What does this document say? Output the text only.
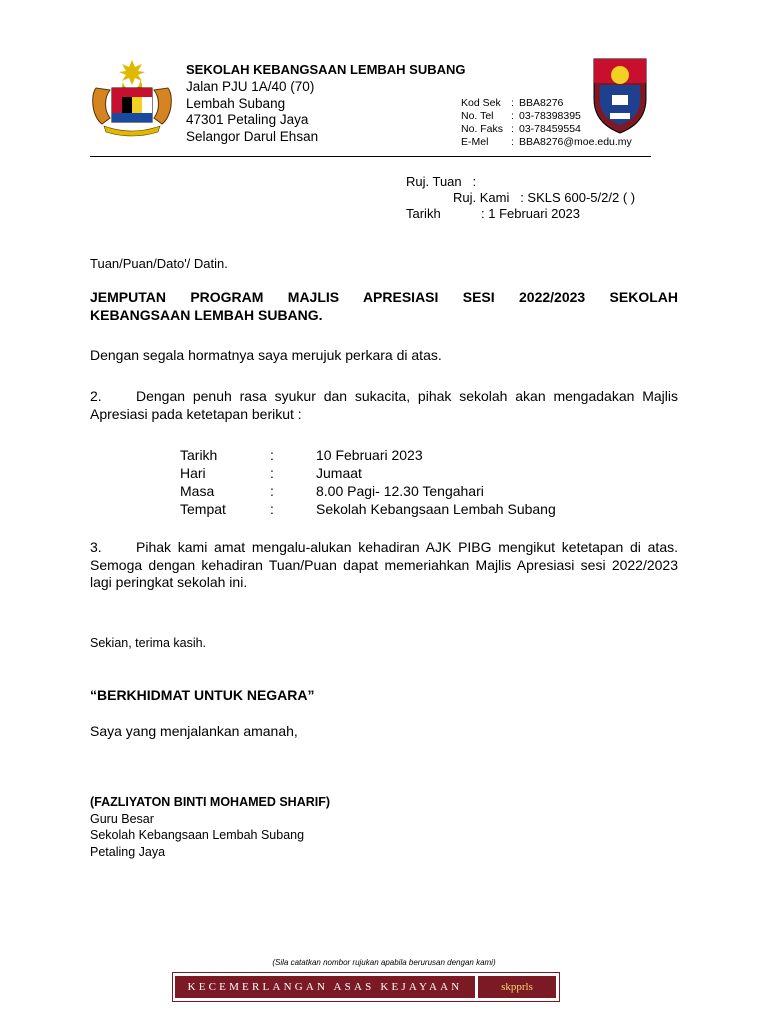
SEKOLAH KEBANGSAAN LEMBAH SUBANG
Jalan PJU 1A/40 (70)
Lembah Subang
47301 Petaling Jaya
Selangor Darul Ehsan
Kod Sek : BBA8276
No. Tel : 03-78398395
No. Faks : 03-78459554
E-Mel : BBA8276@moe.edu.my
Ruj. Tuan   :
Ruj. Kami   : SKLS 600-5/2/2 ( )
Tarikh	: 1 Februari 2023
Tuan/Puan/Dato'/ Datin.
JEMPUTAN PROGRAM MAJLIS APRESIASI SESI 2022/2023 SEKOLAH
KEBANGSAAN LEMBAH SUBANG.
Dengan segala hormatnya saya merujuk perkara di atas.
2. Dengan penuh rasa syukur dan sukacita, pihak sekolah akan mengadakan Majlis Apresiasi pada ketetapan berikut :
Tarikh	:	10 Februari 2023
Hari	:	Jumaat
Masa	:	8.00 Pagi- 12.30 Tengahari
Tempat	:	Sekolah Kebangsaan Lembah Subang
3. Pihak kami amat mengalu-alukan kehadiran AJK PIBG mengikut ketetapan di atas. Semoga dengan kehadiran Tuan/Puan dapat memeriahkan Majlis Apresiasi sesi 2022/2023 lagi peringkat sekolah ini.
Sekian, terima kasih.
“BERKHIDMAT UNTUK NEGARA”
Saya yang menjalankan amanah,
(FAZLIYATON BINTI MOHAMED SHARIF)
Guru Besar
Sekolah Kebangsaan Lembah Subang
Petaling Jaya
(Sila catatkan nombor rujukan apabila berurusan dengan kami)
KECEMERLANGAN ASAS KEJAYAAN	skpprls
